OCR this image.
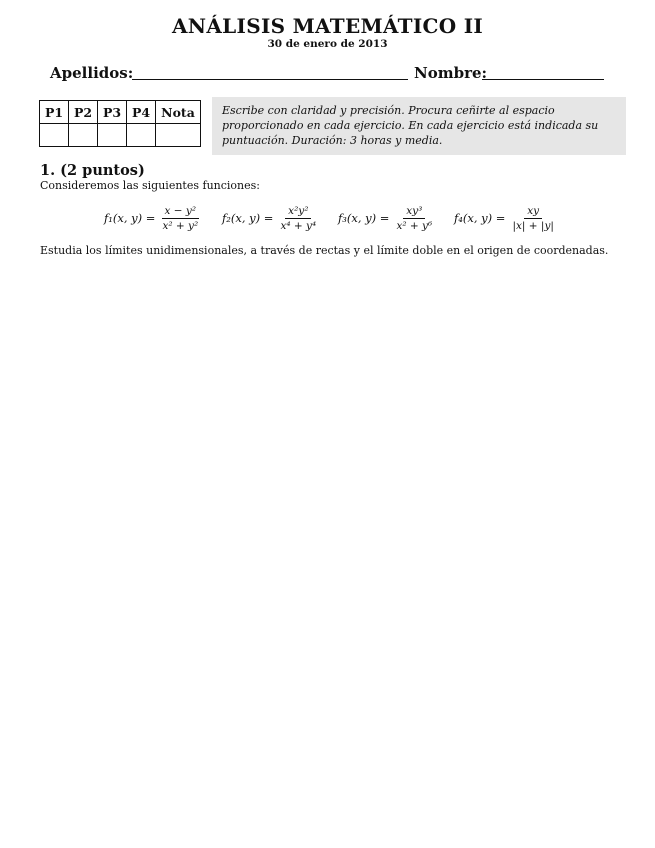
ANÁLISIS MATEMÁTICO II
30 de enero de 2013
Apellidos:	Nombre:
P1	P2	P3	P4	Nota
					Escribe con claridad y precisión. Procura ceñirte al espacio proporcionado en cada ejercicio. En cada ejercicio está indicada su puntuación. Duración: 3 horas y media.
1. (2 puntos)
Consideremos las siguientes funciones:
f₁(x, $y) = \frac{\text{x − y²}}{\text{x² + y²}} f_2(x$, $y) = \frac{\text{x²y²}}{\text{x⁴ + y⁴}} f_3(x$, $y) = \frac{\text{xy³}}{\text{x² + y⁶}} f_4(x$, $y) = \frac{xy}{|x| + |y|}$
Estudia los límites unidimensionales, a través de rectas y el límite doble en el origen de coordenadas.
